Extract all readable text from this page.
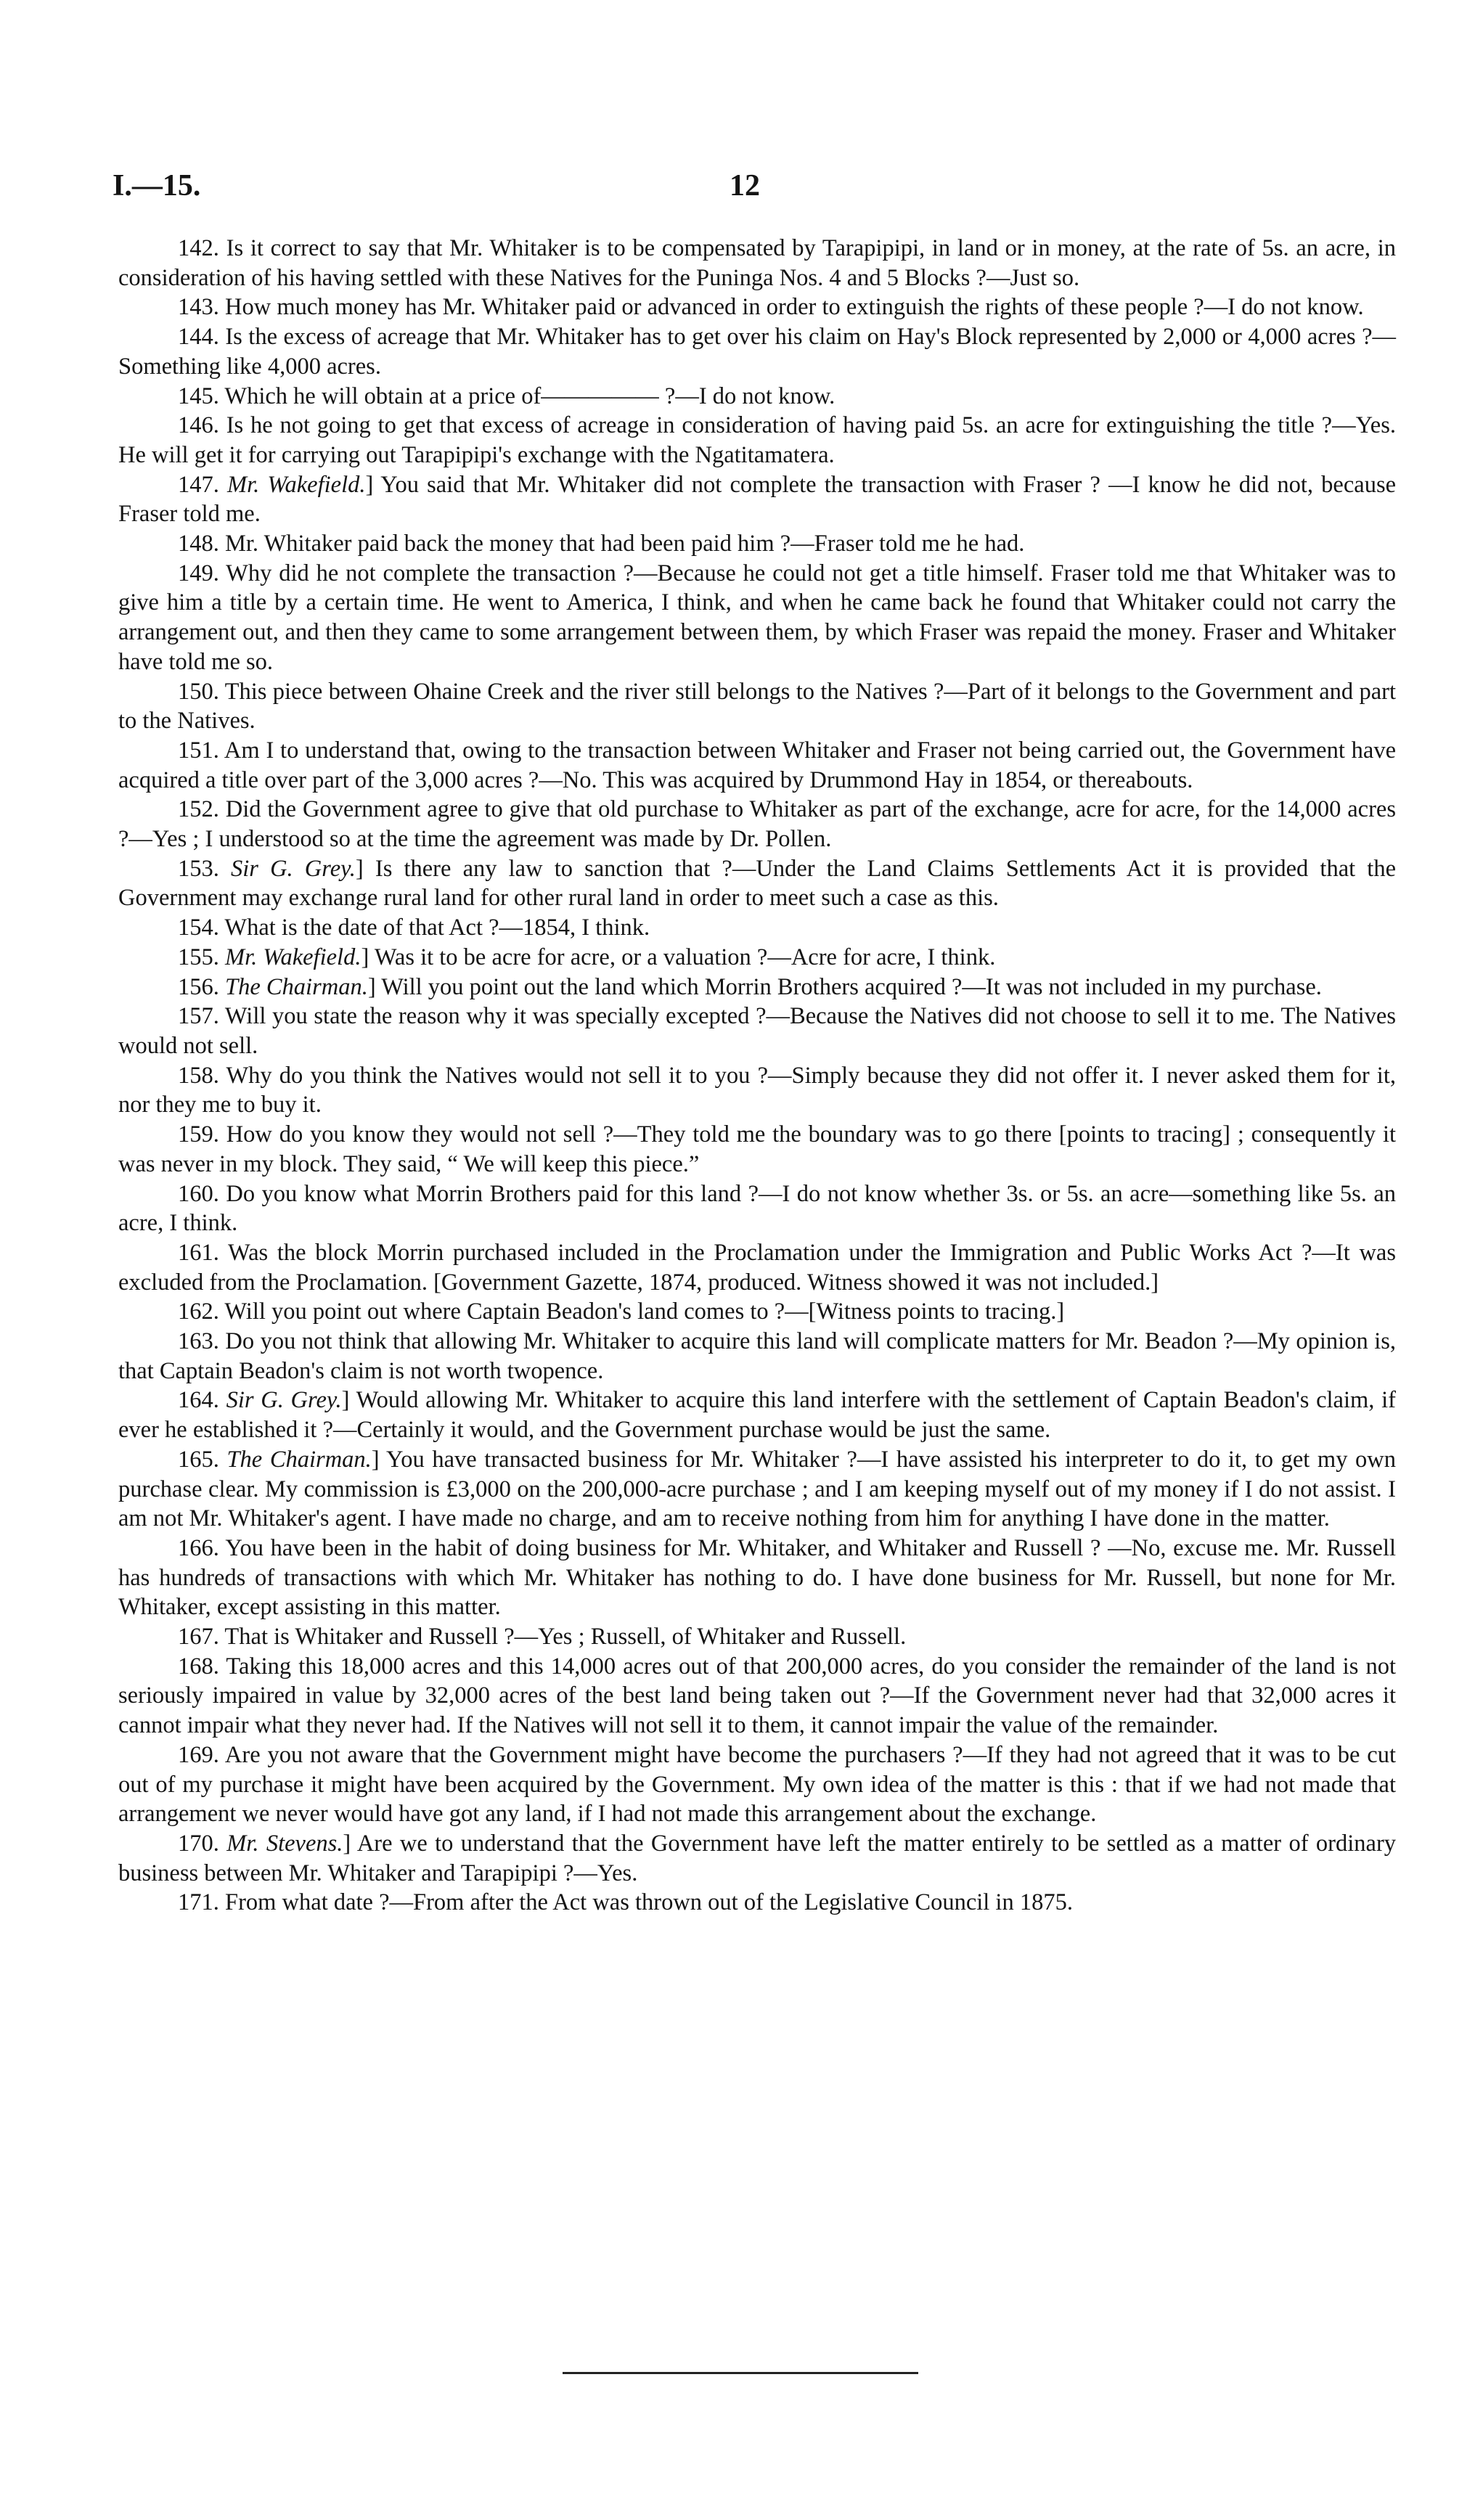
I.—15.	12

142. Is it correct to say that Mr. Whitaker is to be compensated by Tarapipipi, in land or in money, at the rate of 5s. an acre, in consideration of his having settled with these Natives for the Puninga Nos. 4 and 5 Blocks ?—Just so.

143. How much money has Mr. Whitaker paid or advanced in order to extinguish the rights of these people ?—I do not know.

144. Is the excess of acreage that Mr. Whitaker has to get over his claim on Hay's Block represented by 2,000 or 4,000 acres ?—Something like 4,000 acres.

145. Which he will obtain at a price of————— ?—I do not know.

146. Is he not going to get that excess of acreage in consideration of having paid 5s. an acre for extinguishing the title ?—Yes. He will get it for carrying out Tarapipipi's exchange with the Ngatitamatera.

147. Mr. Wakefield.] You said that Mr. Whitaker did not complete the transaction with Fraser ? —I know he did not, because Fraser told me.

148. Mr. Whitaker paid back the money that had been paid him ?—Fraser told me he had.

149. Why did he not complete the transaction ?—Because he could not get a title himself. Fraser told me that Whitaker was to give him a title by a certain time. He went to America, I think, and when he came back he found that Whitaker could not carry the arrangement out, and then they came to some arrangement between them, by which Fraser was repaid the money. Fraser and Whitaker have told me so.

150. This piece between Ohaine Creek and the river still belongs to the Natives ?—Part of it belongs to the Government and part to the Natives.

151. Am I to understand that, owing to the transaction between Whitaker and Fraser not being carried out, the Government have acquired a title over part of the 3,000 acres ?—No. This was acquired by Drummond Hay in 1854, or thereabouts.

152. Did the Government agree to give that old purchase to Whitaker as part of the exchange, acre for acre, for the 14,000 acres ?—Yes ; I understood so at the time the agreement was made by Dr. Pollen.

153. Sir G. Grey.] Is there any law to sanction that ?—Under the Land Claims Settlements Act it is provided that the Government may exchange rural land for other rural land in order to meet such a case as this.

154. What is the date of that Act ?—1854, I think.

155. Mr. Wakefield.] Was it to be acre for acre, or a valuation ?—Acre for acre, I think.

156. The Chairman.] Will you point out the land which Morrin Brothers acquired ?—It was not included in my purchase.

157. Will you state the reason why it was specially excepted ?—Because the Natives did not choose to sell it to me. The Natives would not sell.

158. Why do you think the Natives would not sell it to you ?—Simply because they did not offer it. I never asked them for it, nor they me to buy it.

159. How do you know they would not sell ?—They told me the boundary was to go there [points to tracing] ; consequently it was never in my block. They said, “ We will keep this piece.”

160. Do you know what Morrin Brothers paid for this land ?—I do not know whether 3s. or 5s. an acre—something like 5s. an acre, I think.

161. Was the block Morrin purchased included in the Proclamation under the Immigration and Public Works Act ?—It was excluded from the Proclamation. [Government Gazette, 1874, produced. Witness showed it was not included.]

162. Will you point out where Captain Beadon's land comes to ?—[Witness points to tracing.]

163. Do you not think that allowing Mr. Whitaker to acquire this land will complicate matters for Mr. Beadon ?—My opinion is, that Captain Beadon's claim is not worth twopence.

164. Sir G. Grey.] Would allowing Mr. Whitaker to acquire this land interfere with the settlement of Captain Beadon's claim, if ever he established it ?—Certainly it would, and the Government purchase would be just the same.

165. The Chairman.] You have transacted business for Mr. Whitaker ?—I have assisted his interpreter to do it, to get my own purchase clear. My commission is £3,000 on the 200,000-acre purchase ; and I am keeping myself out of my money if I do not assist. I am not Mr. Whitaker's agent. I have made no charge, and am to receive nothing from him for anything I have done in the matter.

166. You have been in the habit of doing business for Mr. Whitaker, and Whitaker and Russell ? —No, excuse me. Mr. Russell has hundreds of transactions with which Mr. Whitaker has nothing to do. I have done business for Mr. Russell, but none for Mr. Whitaker, except assisting in this matter.

167. That is Whitaker and Russell ?—Yes ; Russell, of Whitaker and Russell.

168. Taking this 18,000 acres and this 14,000 acres out of that 200,000 acres, do you consider the remainder of the land is not seriously impaired in value by 32,000 acres of the best land being taken out ?—If the Government never had that 32,000 acres it cannot impair what they never had. If the Natives will not sell it to them, it cannot impair the value of the remainder.

169. Are you not aware that the Government might have become the purchasers ?—If they had not agreed that it was to be cut out of my purchase it might have been acquired by the Government. My own idea of the matter is this : that if we had not made that arrangement we never would have got any land, if I had not made this arrangement about the exchange.

170. Mr. Stevens.] Are we to understand that the Government have left the matter entirely to be settled as a matter of ordinary business between Mr. Whitaker and Tarapipipi ?—Yes.

171. From what date ?—From after the Act was thrown out of the Legislative Council in 1875.
